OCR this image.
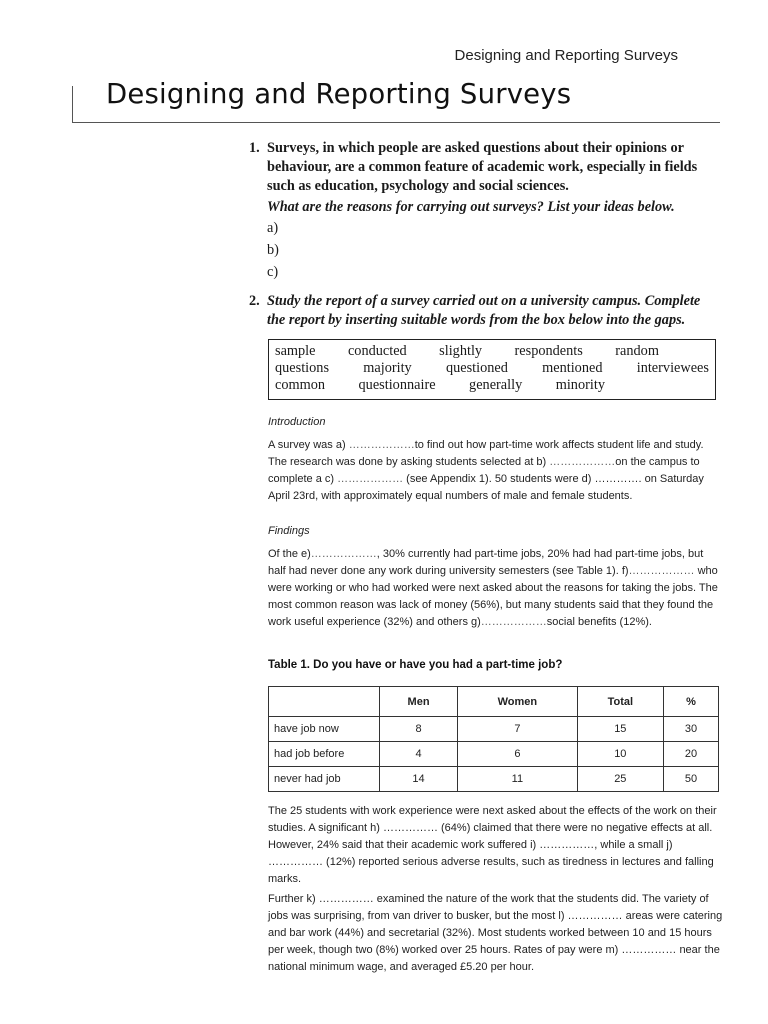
Designing and Reporting Surveys
Designing and Reporting Surveys
1. Surveys, in which people are asked questions about their opinions or behaviour, are a common feature of academic work, especially in fields such as education, psychology and social sciences.
What are the reasons for carrying out surveys? List your ideas below.
a)
b)
c)
2. Study the report of a survey carried out on a university campus. Complete the report by inserting suitable words from the box below into the gaps.
sample conducted slightly respondents random
questions majority questioned mentioned interviewees
common questionnaire generally minority

Introduction

A survey was a) ………………to find out how part-time work affects student life and study. The research was done by asking students selected at b) ………………on the campus to complete a c) ……………… (see Appendix 1). 50 students were d) …………. on Saturday April 23rd, with approximately equal numbers of male and female students.

Findings

Of the e)………………, 30% currently had part-time jobs, 20% had had part-time jobs, but half had never done any work during university semesters (see Table 1). f)……………… who were working or who had worked were next asked about the reasons for taking the jobs. The most common reason was lack of money (56%), but many students said that they found the work useful experience (32%) and others g)………………social benefits (12%).

Table 1. Do you have or have you had a part-time job?
	Men	Women	Total	%
have job now	8	7	15	30
had job before	4	6	10	20
never had job	14	11	25	50

The 25 students with work experience were next asked about the effects of the work on their studies. A significant h) …………… (64%) claimed that there were no negative effects at all. However, 24% said that their academic work suffered i) ……………, while a small j) …………… (12%) reported serious adverse results, such as tiredness in lectures and falling marks.

Further k) …………… examined the nature of the work that the students did. The variety of jobs was surprising, from van driver to busker, but the most l) …………… areas were catering and bar work (44%) and secretarial (32%). Most students worked between 10 and 15 hours per week, though two (8%) worked over 25 hours. Rates of pay were m) …………… near the national minimum wage, and averaged £5.20 per hour.
